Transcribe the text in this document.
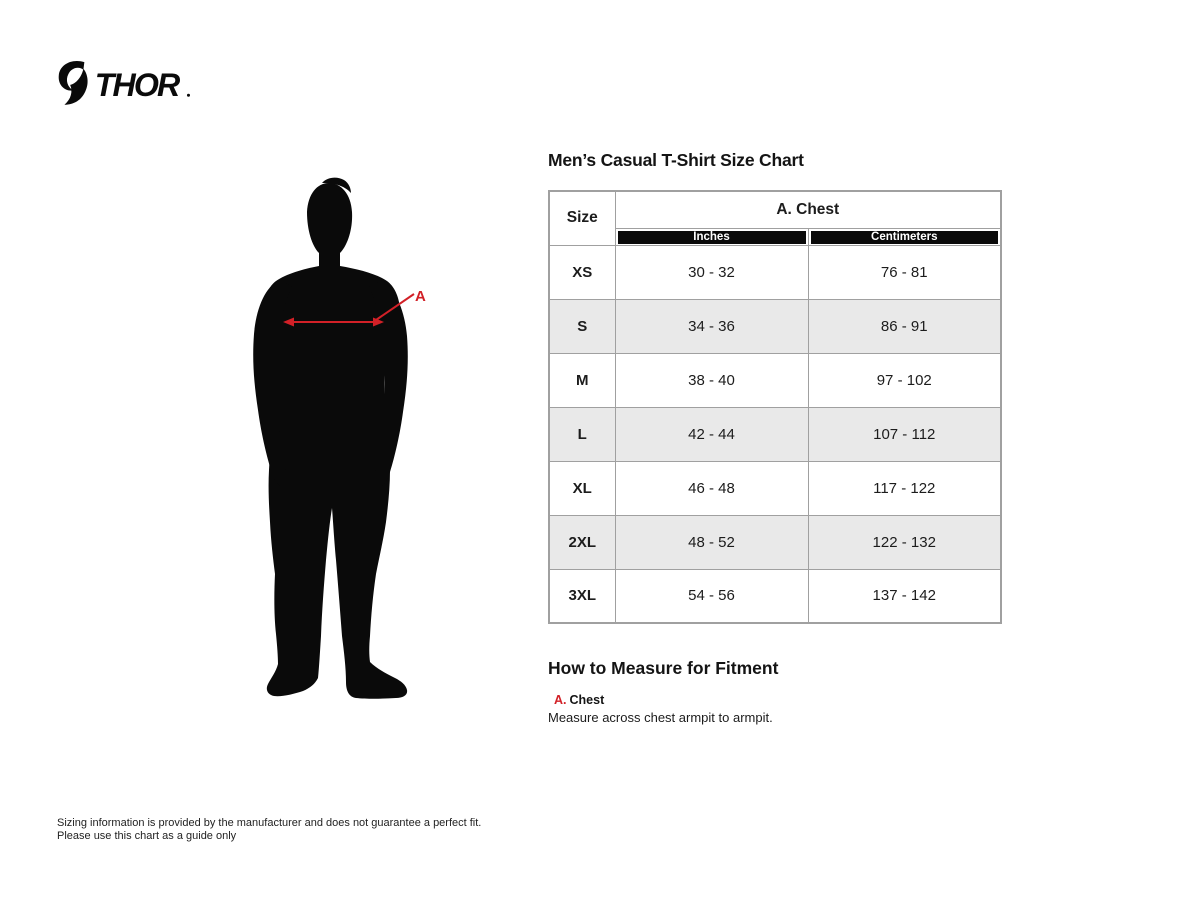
THOR
A
Men’s Casual T-Shirt Size Chart
Size	A. Chest	

	Inches	Centimeters

XS	30 - 32	76 - 81
S	34 - 36	86 - 91
M	38 - 40	97 - 102
L	42 - 44	107 - 112
XL	46 - 48	117 - 122
2XL	48 - 52	122 - 132
3XL	54 - 56	137 - 142
How to Measure for Fitment
A. Chest
Measure across chest armpit to armpit.
Sizing information is provided by the manufacturer and does not guarantee a perfect fit.
Please use this chart as a guide only
